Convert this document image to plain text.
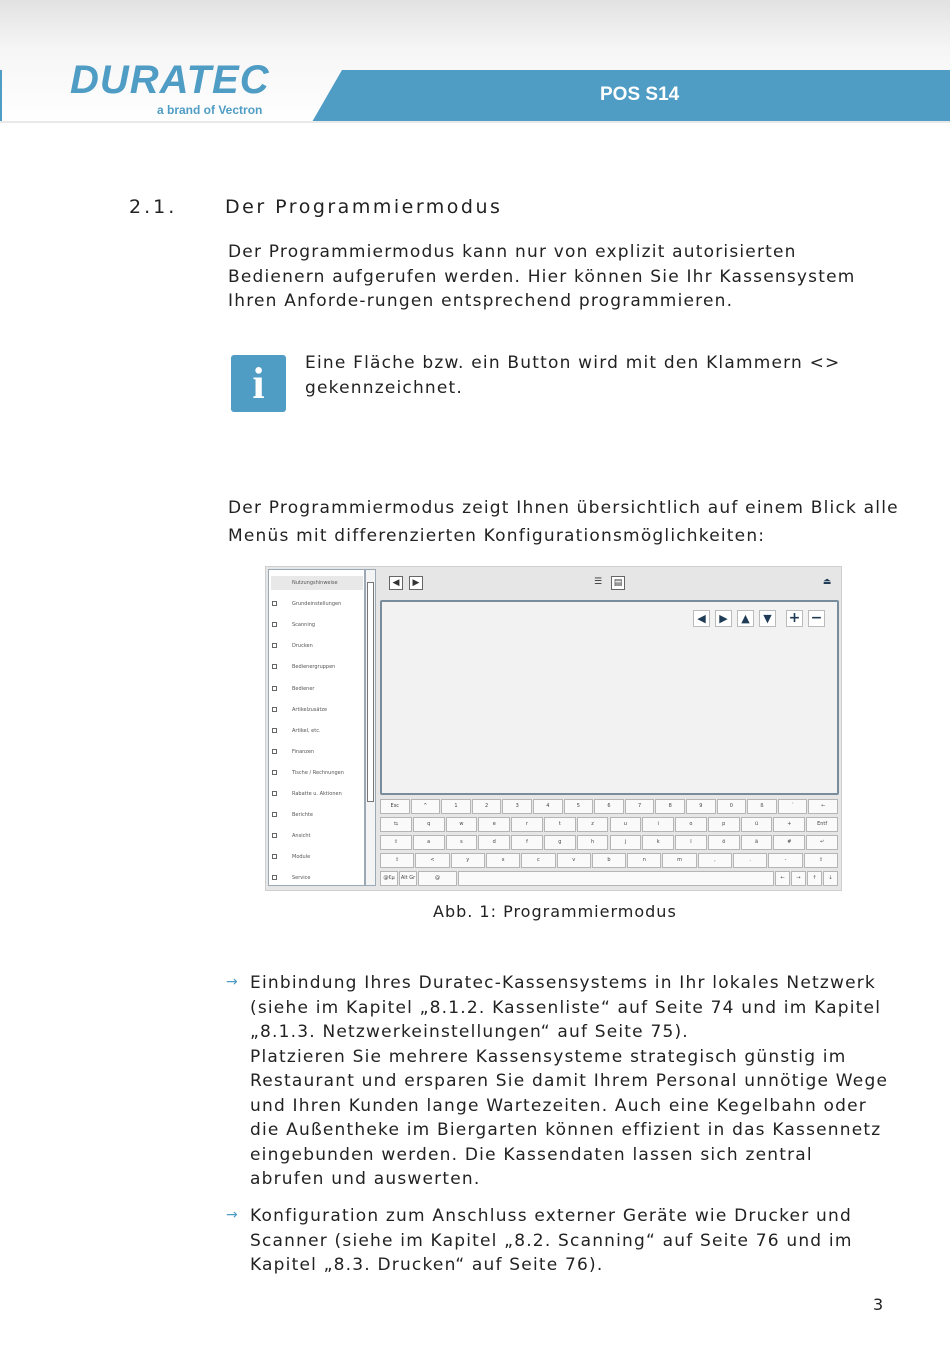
DURATEC
a brand of Vectron
POS S14
2.1.	Der Programmiermodus
Der Programmiermodus kann nur von explizit autorisierten Bedienern aufgerufen werden. Hier können Sie Ihr Kassensystem Ihren Anforde-rungen entsprechend programmieren.
i	Eine Fläche bzw. ein Button wird mit den Klammern <> gekennzeichnet.
Der Programmiermodus zeigt Ihnen übersichtlich auf einem Blick alle Menüs mit differenzierten Konfigurationsmöglichkeiten:
Nutzungshinweise
Grundeinstellungen
Scanning
Drucken
Bedienergruppen
Bediener
Artikelzusätze
Artikel, etc.
Finanzen
Tische / Rechnungen
Rabatte u. Aktionen
Berichte
Ansicht
Module
Service
◀	▶	☰	▤	⏏
◀	▶	▲	▼	+ −
Esc	^	1	2	3	4	5	6	7	8	9	0	ß	´	←
⇆	q	w	e	r	t	z	u	i	o	p	ü	+	Entf
⇪	a	s	d	f	g	h	j	k	l	ö	ä	#	↵
⇧	<	y	x	c	v	b	n	m	,	.	-	⇧
@€µ	Alt Gr	@	←	→	↑	↓
Abb. 1: Programmiermodus
→ Einbindung Ihres Duratec-Kassensystems in Ihr lokales Netzwerk (siehe im Kapitel „8.1.2. Kassenliste“ auf Seite 74 und im Kapitel „8.1.3. Netzwerkeinstellungen“ auf Seite 75).
Platzieren Sie mehrere Kassensysteme strategisch günstig im Restaurant und ersparen Sie damit Ihrem Personal unnötige Wege und Ihren Kunden lange Wartezeiten. Auch eine Kegelbahn oder die Außentheke im Biergarten können effizient in das Kassennetz eingebunden werden. Die Kassendaten lassen sich zentral abrufen und auswerten.
→ Konfiguration zum Anschluss externer Geräte wie Drucker und Scanner (siehe im Kapitel „8.2. Scanning“ auf Seite 76 und im Kapitel „8.3. Drucken“ auf Seite 76).
3
